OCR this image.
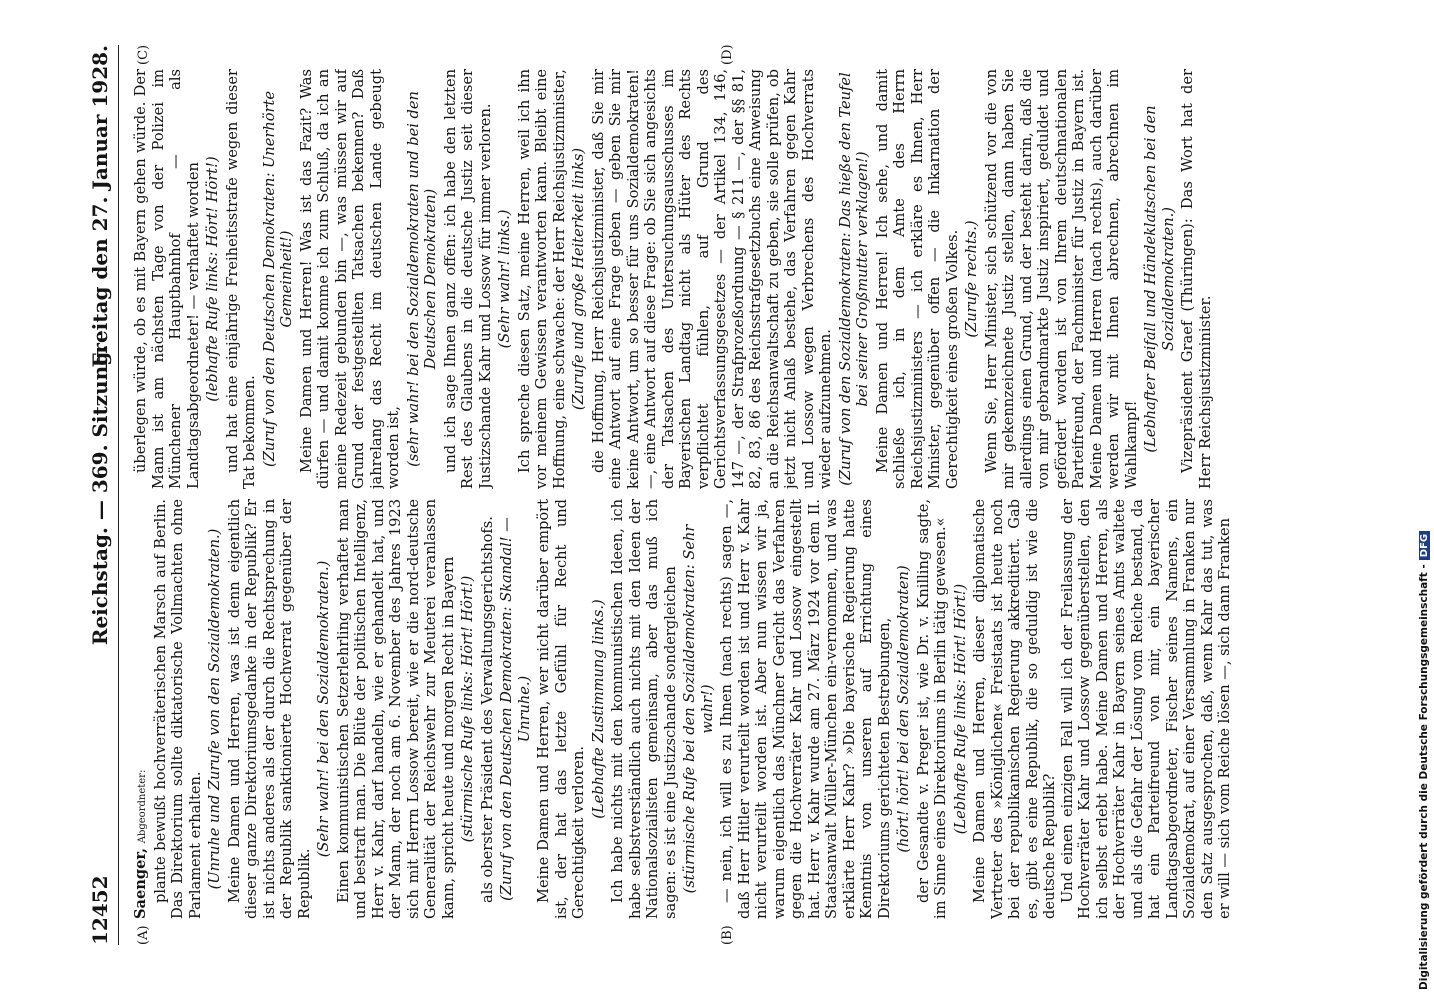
12452
Reichstag. — 369. Sitzung.
Freitag den 27. Januar 1928.
(A)	(B)
(C)	(D)

Saenger, Abgeordneter: plante bewußt hochverräterischen Marsch auf Berlin. Das Direktorium sollte diktatorische Vollmachten ohne Parlament erhalten. (Unruhe und Zurufe von den Sozialdemokraten.) Meine Damen und Herren, was ist denn eigentlich dieser ganze Direktoriumsgedanke in der Republik? Er ist nichts anderes als der durch die Rechtsprechung in der Republik sanktionierte Hochverrat gegenüber der Republik.

(Sehr wahr! bei den Sozialdemokraten.) Einen kommunistischen Setzerlehrling verhaftet man und bestraft man. Die Blüte der politischen Intelligenz, Herr v. Kahr, darf handeln, wie er gehandelt hat, und der Mann, der noch am 6. November des Jahres 1923 sich mit Herrn Lossow bereit, wie er die nord-deutsche Generalität der Reichswehr zur Meuterei veranlassen kann, spricht heute und morgen Recht in Bayern (stürmische Rufe links: Hört! Hört!) als oberster Präsident des Verwaltungsgerichtshofs. (Zuruf von den Deutschen Demokraten: Skandal! — Unruhe.) Meine Damen und Herren, wer nicht darüber empört ist, der hat das letzte Gefühl für Recht und Gerechtigkeit verloren.

(Lebhafte Zustimmung links.) Ich habe nichts mit den kommunistischen Ideen, ich habe selbstverständlich auch nichts mit den Ideen der Nationalsozialisten gemeinsam, aber das muß ich sagen: es ist eine Justizschande sondergleichen (stürmische Rufe bei den Sozialdemokraten: Sehr wahr!) — nein, ich will es zu Ihnen (nach rechts) sagen —, daß Herr Hitler verurteilt worden ist und Herr v. Kahr nicht verurteilt worden ist. Aber nun wissen wir ja, warum eigentlich das Münchner Gericht das Verfahren gegen die Hochverräter Kahr und Lossow eingestellt hat. Herr v. Kahr wurde am 27. März 1924 vor dem II. Staatsanwalt Müller-München ein-vernommen, und was erklärte Herr Kahr? »Die bayerische Regierung hatte Kenntnis von unseren auf Errichtung eines Direktoriums gerichteten Bestrebungen, (hört! hört! bei den Sozialdemokraten) der Gesandte v. Preger ist, wie Dr. v. Knilling sagte, im Sinne eines Direktoriums in Berlin tätig gewesen.« (Lebhafte Rufe links: Hört! Hört!) Meine Damen und Herren, dieser diplomatische Vertreter des »Königlichen« Freistaats ist heute noch bei der republikanischen Regierung akkreditiert. Gab es, gibt es eine Republik, die so geduldig ist wie die deutsche Republik? Und einen einzigen Fall will ich der Freilassung der Hochverräter Kahr und Lossow gegenüberstellen, den ich selbst erlebt habe. Meine Damen und Herren, als der Hochverräter Kahr in Bayern seines Amts waltete und als die Gefahr der Lösung vom Reiche bestand, da hat ein Parteifreund von mir, ein bayerischer Landtagsabgeordneter, Fischer seines Namens, ein Sozialdemokrat, auf einer Versammlung in Franken nur den Satz ausgesprochen, daß, wenn Kahr das tut, was er will — sich vom Reiche lösen —, sich dann Franken

überlegen würde, ob es mit Bayern gehen würde. Der Mann ist am nächsten Tage von der Polizei im Münchener Hauptbahnhof — als Landtagsabgeordneter! — verhaftet worden (lebhafte Rufe links: Hört! Hört!) und hat eine einjährige Freiheitsstrafe wegen dieser Tat bekommen. (Zuruf von den Deutschen Demokraten: Unerhörte Gemeinheit!) Meine Damen und Herren! Was ist das Fazit? Was dürfen — und damit komme ich zum Schluß, da ich an meine Redezeit gebunden bin —, was müssen wir auf Grund der festgestellten Tatsachen bekennen? Daß jahrelang das Recht im deutschen Lande gebeugt worden ist, (sehr wahr! bei den Sozialdemokraten und bei den Deutschen Demokraten) und ich sage Ihnen ganz offen: ich habe den letzten Rest des Glaubens in die deutsche Justiz seit dieser Justizschande Kahr und Lossow für immer verloren. (Sehr wahr! links.) Ich spreche diesen Satz, meine Herren, weil ich ihn vor meinem Gewissen verantworten kann. Bleibt eine Hoffnung, eine schwache: der Herr Reichsjustizminister, (Zurufe und große Heiterkeit links) die Hoffnung, Herr Reichsjustizminister, daß Sie mir eine Antwort auf eine Frage geben — geben Sie mir keine Antwort, um so besser für uns Sozialdemokraten! —, eine Antwort auf diese Frage: ob Sie sich angesichts der Tatsachen des Untersuchungsausschusses im Bayerischen Landtag nicht als Hüter des Rechts verpflichtet fühlen, auf Grund des Gerichtsverfassungsgesetzes — der Artikel 134, 146, 147 —, der Strafprozeßordnung — § 211 —, der §§ 81, 82, 83, 86 des Reichsstrafgesetzbuchs eine Anweisung an die Reichsanwaltschaft zu geben, sie solle prüfen, ob jetzt nicht Anlaß bestehe, das Verfahren gegen Kahr und Lossow wegen Verbrechens des Hochverrats wieder aufzunehmen. (Zuruf von den Sozialdemokraten: Das hieße den Teufel bei seiner Großmutter verklagen!) Meine Damen und Herren! Ich sehe, und damit schließe ich, in dem Amte des Herrn Reichsjustizministers — ich erkläre es Ihnen, Herr Minister, gegenüber offen — die Inkarnation der Gerechtigkeit eines großen Volkes. (Zurufe rechts.) Wenn Sie, Herr Minister, sich schützend vor die von mir gekennzeichnete Justiz stellen, dann haben Sie allerdings einen Grund, und der besteht darin, daß die von mir gebrandmarkte Justiz inspiriert, geduldet und gefördert worden ist von Ihrem deutschnationalen Parteifreund, der Fachminister für Justiz in Bayern ist. Meine Damen und Herren (nach rechts), auch darüber werden wir mit Ihnen abrechnen, abrechnen im Wahlkampf! (Lebhafter Beifall und Händeklatschen bei den Sozialdemokraten.) Vizepräsident Graef (Thüringen): Das Wort hat der Herr Reichsjustizminister.

Digitalisierung gefördert durch die Deutsche Forschungsgemeinschaft -DFG
